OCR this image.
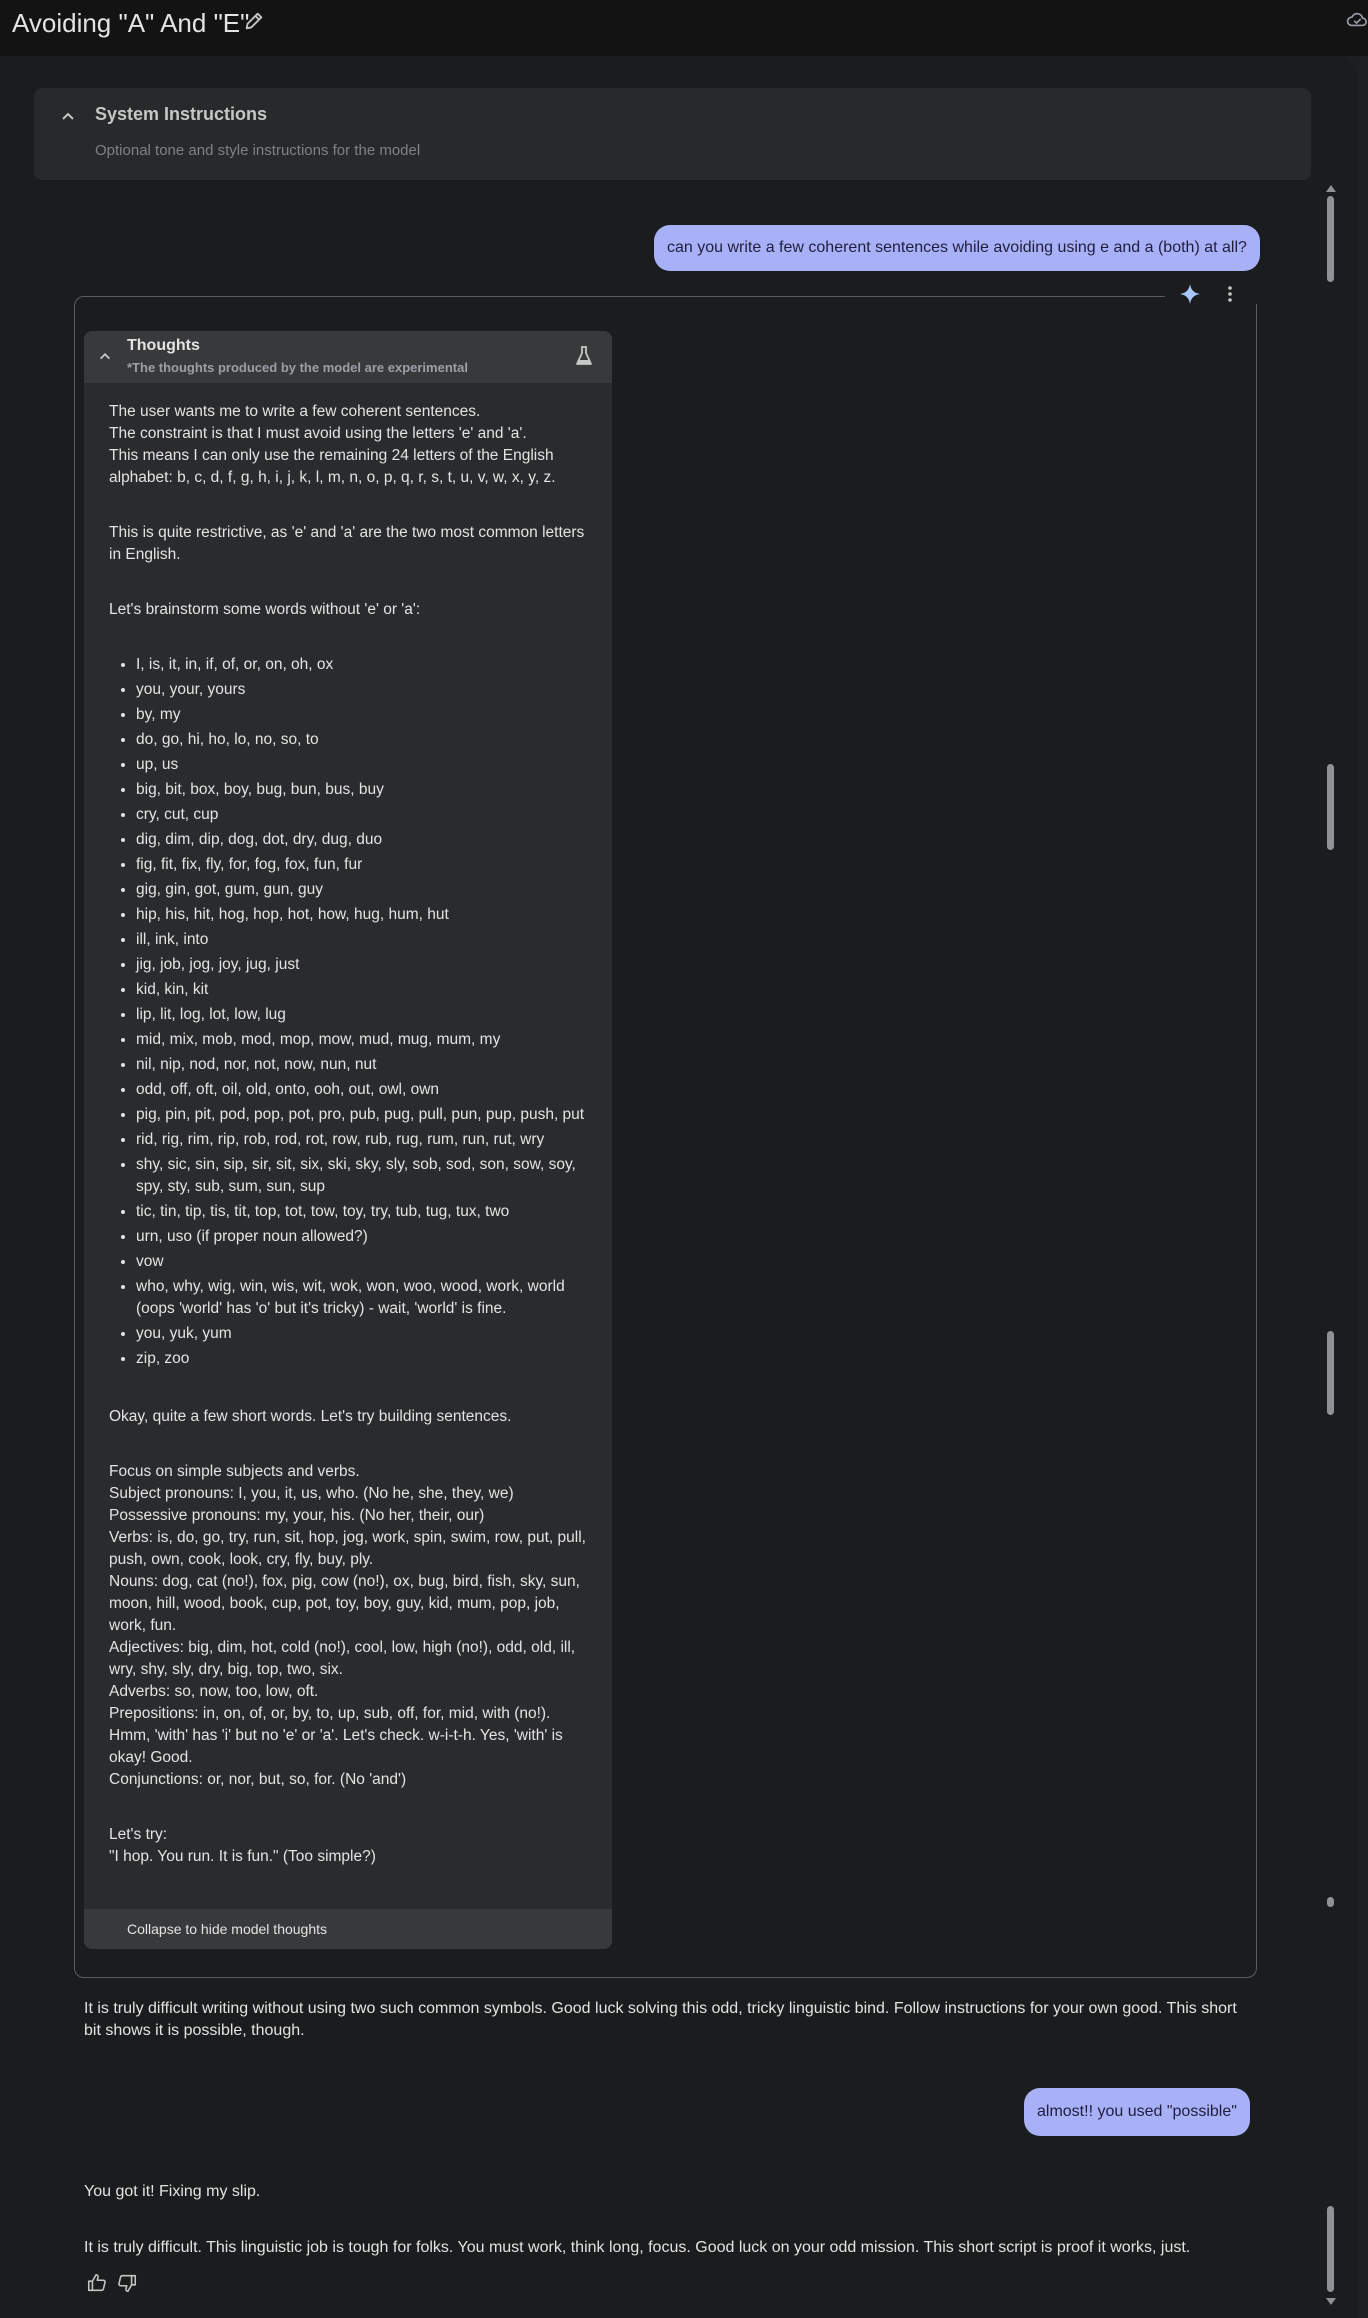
Avoiding "A" And "E"
System Instructions
Optional tone and style instructions for the model
can you write a few coherent sentences while avoiding using e and a (both) at all?
Thoughts
*The thoughts produced by the model are experimental

The user wants me to write a few coherent sentences.

The constraint is that I must avoid using the letters 'e' and 'a'.

This means I can only use the remaining 24 letters of the English alphabet: b, c, d, f, g, h, i, j, k, l, m, n, o, p, q, r, s, t, u, v, w, x, y, z.

This is quite restrictive, as 'e' and 'a' are the two most common letters in English.

Let's brainstorm some words without 'e' or 'a':

• I, is, it, in, if, of, or, on, oh, ox
• you, your, yours
• by, my
• do, go, hi, ho, lo, no, so, to
• up, us
• big, bit, box, boy, bug, bun, bus, buy
• cry, cut, cup
• dig, dim, dip, dog, dot, dry, dug, duo
• fig, fit, fix, fly, for, fog, fox, fun, fur
• gig, gin, got, gum, gun, guy
• hip, his, hit, hog, hop, hot, how, hug, hum, hut
• ill, ink, into
• jig, job, jog, joy, jug, just
• kid, kin, kit
• lip, lit, log, lot, low, lug
• mid, mix, mob, mod, mop, mow, mud, mug, mum, my
• nil, nip, nod, nor, not, now, nun, nut
• odd, off, oft, oil, old, onto, ooh, out, owl, own
• pig, pin, pit, pod, pop, pot, pro, pub, pug, pull, pun, pup, push, put
• rid, rig, rim, rip, rob, rod, rot, row, rub, rug, rum, run, rut, wry
• shy, sic, sin, sip, sir, sit, six, ski, sky, sly, sob, sod, son, sow, soy, spy, sty, sub, sum, sun, sup
• tic, tin, tip, tis, tit, top, tot, tow, toy, try, tub, tug, tux, two
• urn, uso (if proper noun allowed?)
• vow
• who, why, wig, win, wis, wit, wok, won, woo, wood, work, world (oops 'world' has 'o' but it's tricky) - wait, 'world' is fine.
• you, yuk, yum
• zip, zoo

Okay, quite a few short words. Let's try building sentences.

Focus on simple subjects and verbs.

Subject pronouns: I, you, it, us, who. (No he, she, they, we)

Possessive pronouns: my, your, his. (No her, their, our)

Verbs: is, do, go, try, run, sit, hop, jog, work, spin, swim, row, put, pull, push, own, cook, look, cry, fly, buy, ply.

Nouns: dog, cat (no!), fox, pig, cow (no!), ox, bug, bird, fish, sky, sun, moon, hill, wood, book, cup, pot, toy, boy, guy, kid, mum, pop, job, work, fun.

Adjectives: big, dim, hot, cold (no!), cool, low, high (no!), odd, old, ill, wry, shy, sly, dry, big, top, two, six.

Adverbs: so, now, too, low, oft.

Prepositions: in, on, of, or, by, to, up, sub, off, for, mid, with (no!). Hmm, 'with' has 'i' but no 'e' or 'a'. Let's check. w-i-t-h. Yes, 'with' is okay! Good.

Conjunctions: or, nor, but, so, for. (No 'and')

Let's try:

"I hop. You run. It is fun." (Too simple?)

Collapse to hide model thoughts
It is truly difficult writing without using two such common symbols. Good luck solving this odd, tricky linguistic bind. Follow instructions for your own good. This short bit shows it is possible, though.
almost!! you used "possible"
You got it! Fixing my slip.
It is truly difficult. This linguistic job is tough for folks. You must work, think long, focus. Good luck on your odd mission. This short script is proof it works, just.
